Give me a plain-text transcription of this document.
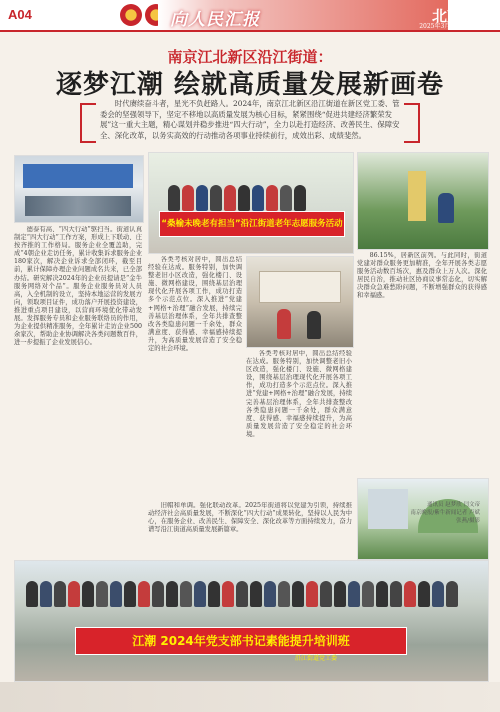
A04	向人民汇报	北京晚报
2025年3月 星期 责编 美编
南京江北新区沿江街道：
逐梦江潮 绘就高质量发展新画卷
时代赓续奋斗者，星光不负赶路人。2024年，南京江北新区沿江街道在新区党工委、管委会的坚强领导下，坚定不移地以高质量发展为核心目标，紧紧围绕“促进共建经济繁荣发展”这一重大主题，精心谋划并稳步推进“四大行动”，全力以赴打造经济、改善民生、保障安全、深化改革，以务实高效的行动推动各项事业持续前行，成效出彩、成绩斐然。
“桑榆未晚老有担当”沿江街道老年志愿服务活动
德泰有高、“四大行动”驱扫当。街道认真制定“四大行动”工作方案，形成上下联动、庄按齐推的工作格局。服务企业全覆盖助，完成“4朝企业走访任务，累计收集诉求服务企业180家次，解决企业诉求全部闭环，截至目前，累计保障办理企业问题成名共来，已全部办结。研究解决2024年的企业员提请是“金牛服务网络对个品”。服务企业服务员对人员高，入全机制的设立，坚持本地运营的发展方向，领取项目证件，成功落户开展投资建设，推进重点项目建设，以营商环境优化带动发展。发挥服务专员和企业服务联络员的作用，为企业提供精准服务，全年累计走访企业500余家次，帮助企业协调解决各类问题数百件，进一步提振了企业发展信心。
各类考核对居中，圆出总结经验在达成。服务特别，加快调整老旧小区改造，强化楼门、设施、微网格建设，围绕基层治理现代化开展各项工作，成功打造多个示范点位。深入推进“党建+网格+治理”融合发展，持续完善基层治理体系，全年共排查整改各类隐患问题一千余处，群众满意度、获得感、幸福感持续提升，为高质量发展营造了安全稳定的社会环境。
各类考核对居中，圆出总结经验在达成。服务特别，加快调整老旧小区改造，强化楼门、设施、微网格建设，围绕基层治理现代化开展各项工作，成功打造多个示范点位。深入推进“党建+网格+治理”融合发展，持续完善基层治理体系，全年共排查整改各类隐患问题一千余处，群众满意度、获得感、幸福感持续提升，为高质量发展营造了安全稳定的社会环境。
86.15%，居新区前列。与此同时，街道党建对群众服务更加精准，全年开展各类志愿服务活动数百场次，惠及群众上万人次。深化居民自治，推动社区协商议事常态化，切实解决群众急难愁盼问题，不断增强群众的获得感和幸福感。
旧帽和单调。强化联动改革。2025年街道将以党建为引领，持续推动经济社会高质量发展，不断深化“四大行动”成果转化，坚持以人民为中心，在服务企业、改善民生、保障安全、深化改革等方面持续发力，奋力谱写沿江街道高质量发展新篇章。
通讯员 赵梦欣 闫文帝
南京晚报/紫牛新闻记者 卢斌
张燕/摄影
江潮 2024年党支部书记素能提升培训班
沿江街道党工委
